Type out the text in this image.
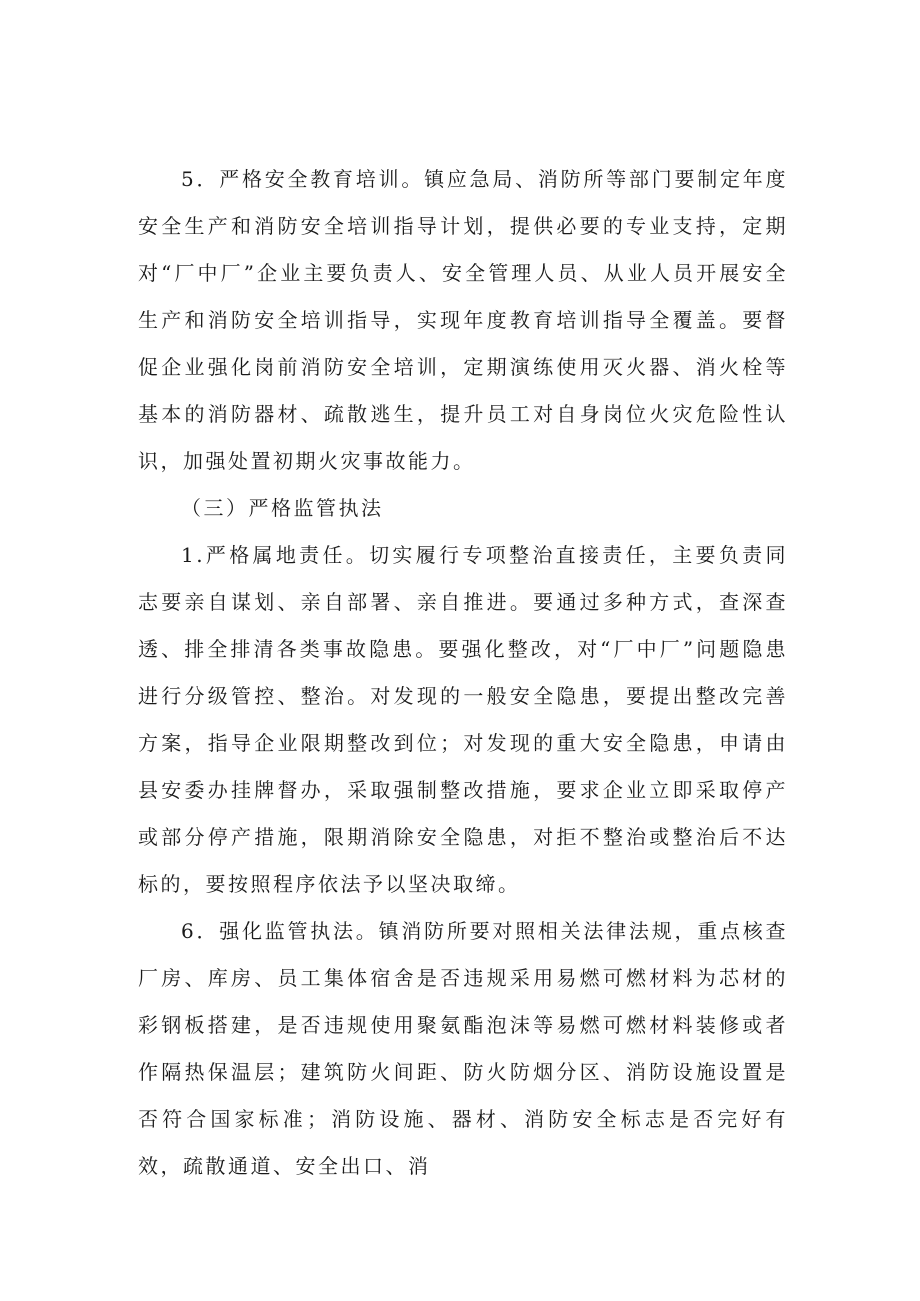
5．严格安全教育培训。镇应急局、消防所等部门要制定年度安全生产和消防安全培训指导计划，提供必要的专业支持，定期对“厂中厂”企业主要负责人、安全管理人员、从业人员开展安全生产和消防安全培训指导，实现年度教育培训指导全覆盖。要督促企业强化岗前消防安全培训，定期演练使用灭火器、消火栓等基本的消防器材、疏散逃生，提升员工对自身岗位火灾危险性认识，加强处置初期火灾事故能力。

（三）严格监管执法

1.严格属地责任。切实履行专项整治直接责任，主要负责同志要亲自谋划、亲自部署、亲自推进。要通过多种方式，查深查透、排全排清各类事故隐患。要强化整改，对“厂中厂”问题隐患进行分级管控、整治。对发现的一般安全隐患，要提出整改完善方案，指导企业限期整改到位；对发现的重大安全隐患，申请由县安委办挂牌督办，采取强制整改措施，要求企业立即采取停产或部分停产措施，限期消除安全隐患，对拒不整治或整治后不达标的，要按照程序依法予以坚决取缔。

6．强化监管执法。镇消防所要对照相关法律法规，重点核查厂房、库房、员工集体宿舍是否违规采用易燃可燃材料为芯材的彩钢板搭建，是否违规使用聚氨酯泡沫等易燃可燃材料装修或者作隔热保温层；建筑防火间距、防火防烟分区、消防设施设置是否符合国家标准；消防设施、器材、消防安全标志是否完好有效，疏散通道、安全出口、消
